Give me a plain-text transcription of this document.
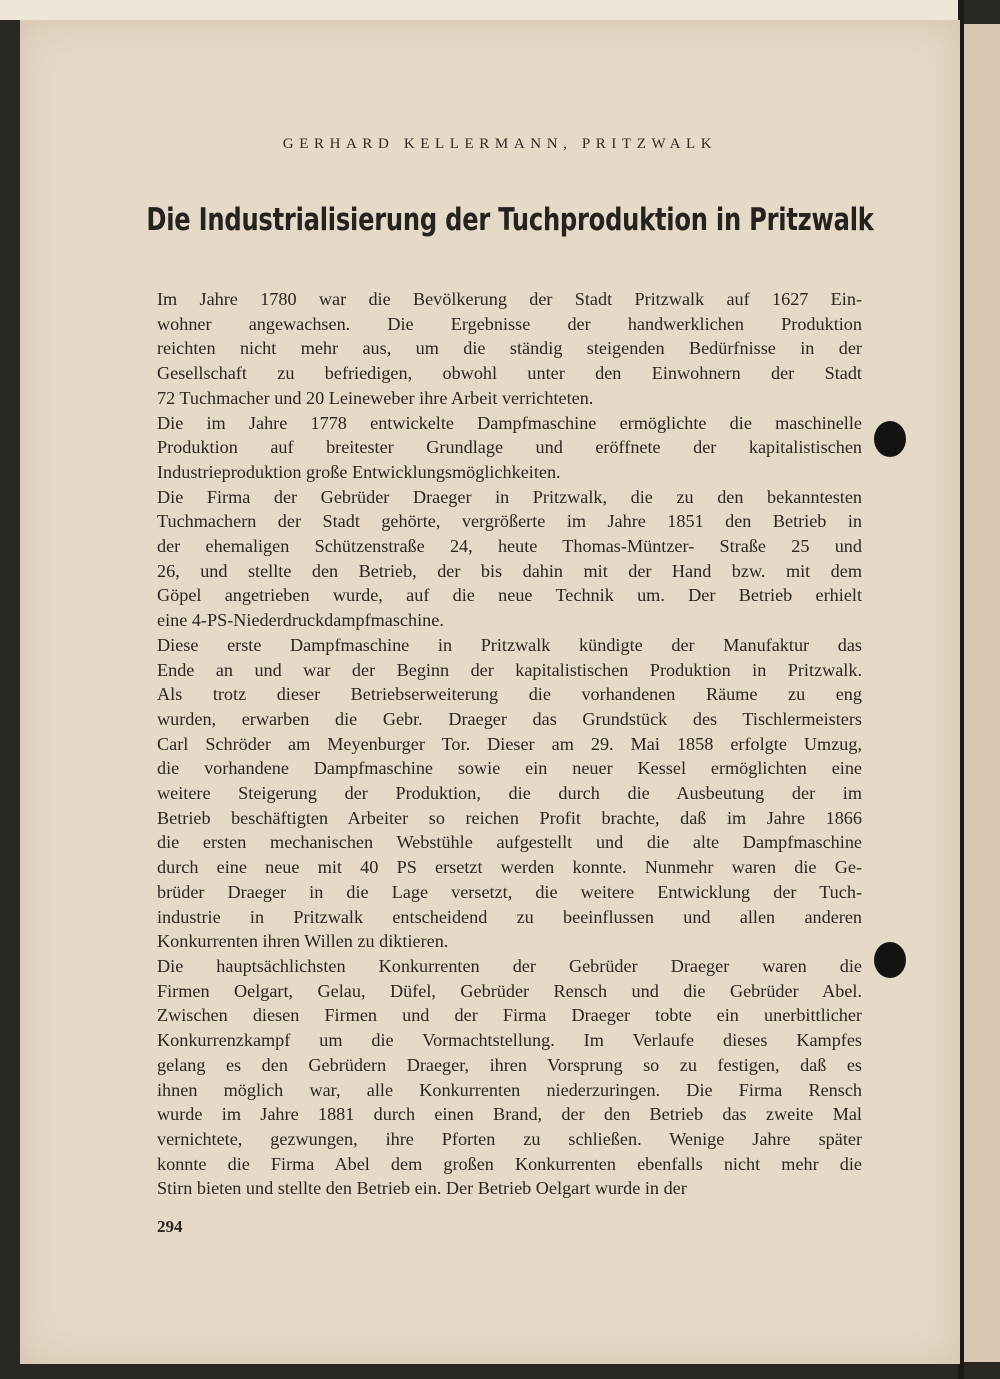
GERHARD KELLERMANN, PRITZWALK
Die Industrialisierung der Tuchproduktion in Pritzwalk
Im Jahre 1780 war die Bevölkerung der Stadt Pritzwalk auf 1627 Ein-
wohner angewachsen. Die Ergebnisse der handwerklichen Produktion
reichten nicht mehr aus, um die ständig steigenden Bedürfnisse in der
Gesellschaft zu befriedigen, obwohl unter den Einwohnern der Stadt
72 Tuchmacher und 20 Leineweber ihre Arbeit verrichteten.
Die im Jahre 1778 entwickelte Dampfmaschine ermöglichte die maschinelle
Produktion auf breitester Grundlage und eröffnete der kapitalistischen
Industrieproduktion große Entwicklungsmöglichkeiten.
Die Firma der Gebrüder Draeger in Pritzwalk, die zu den bekanntesten
Tuchmachern der Stadt gehörte, vergrößerte im Jahre 1851 den Betrieb in
der ehemaligen Schützenstraße 24, heute Thomas-Müntzer- Straße 25 und
26, und stellte den Betrieb, der bis dahin mit der Hand bzw. mit dem
Göpel angetrieben wurde, auf die neue Technik um. Der Betrieb erhielt
eine 4-PS-Niederdruckdampfmaschine.
Diese erste Dampfmaschine in Pritzwalk kündigte der Manufaktur das
Ende an und war der Beginn der kapitalistischen Produktion in Pritzwalk.
Als trotz dieser Betriebserweiterung die vorhandenen Räume zu eng
wurden, erwarben die Gebr. Draeger das Grundstück des Tischlermeisters
Carl Schröder am Meyenburger Tor. Dieser am 29. Mai 1858 erfolgte Umzug,
die vorhandene Dampfmaschine sowie ein neuer Kessel ermöglichten eine
weitere Steigerung der Produktion, die durch die Ausbeutung der im
Betrieb beschäftigten Arbeiter so reichen Profit brachte, daß im Jahre 1866
die ersten mechanischen Webstühle aufgestellt und die alte Dampfmaschine
durch eine neue mit 40 PS ersetzt werden konnte. Nunmehr waren die Ge-
brüder Draeger in die Lage versetzt, die weitere Entwicklung der Tuch-
industrie in Pritzwalk entscheidend zu beeinflussen und allen anderen
Konkurrenten ihren Willen zu diktieren.
Die hauptsächlichsten Konkurrenten der Gebrüder Draeger waren die
Firmen Oelgart, Gelau, Düfel, Gebrüder Rensch und die Gebrüder Abel.
Zwischen diesen Firmen und der Firma Draeger tobte ein unerbittlicher
Konkurrenzkampf um die Vormachtstellung. Im Verlaufe dieses Kampfes
gelang es den Gebrüdern Draeger, ihren Vorsprung so zu festigen, daß es
ihnen möglich war, alle Konkurrenten niederzuringen. Die Firma Rensch
wurde im Jahre 1881 durch einen Brand, der den Betrieb das zweite Mal
vernichtete, gezwungen, ihre Pforten zu schließen. Wenige Jahre später
konnte die Firma Abel dem großen Konkurrenten ebenfalls nicht mehr die
Stirn bieten und stellte den Betrieb ein. Der Betrieb Oelgart wurde in der
294
